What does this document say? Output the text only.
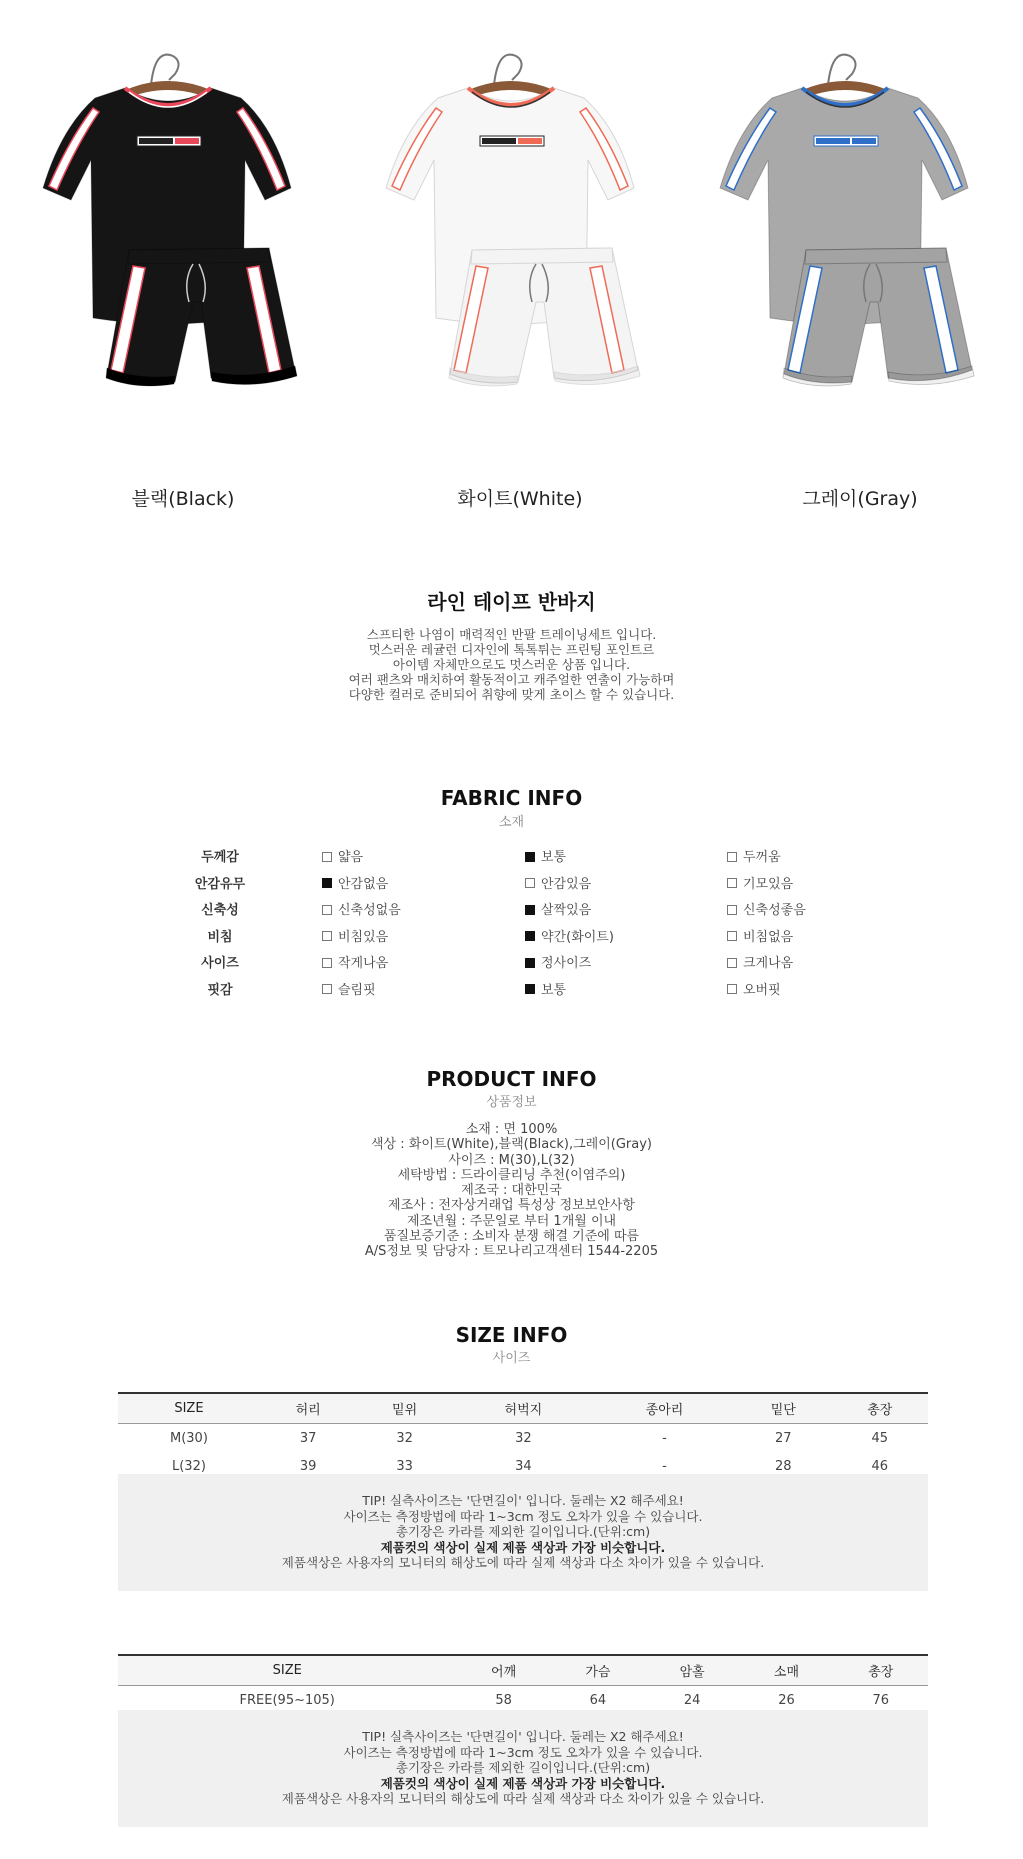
블랙(Black)	화이트(White)	그레이(Gray)
라인 테이프 반바지
스프티한 나염이 매력적인 반팔 트레이닝세트 입니다.
멋스러운 레귤런 디자인에 톡톡튀는 프린팅 포인트르
아이템 자체만으로도 멋스러운 상품 입니다.
여러 팬츠와 매치하여 활동적이고 캐주얼한 연출이 가능하며
다양한 컬러로 준비되어 취향에 맞게 초이스 할 수 있습니다.
FABRIC INFO
소재
두께감	얇음	보통	두꺼움
안감유무	안감없음	안감있음	기모있음
신축성	신축성없음	살짝있음	신축성좋음
비침	비침있음	약간(화이트)	비침없음
사이즈	작게나옴	정사이즈	크게나옴
핏감	슬림핏	보통	오버핏
PRODUCT INFO
상품정보
소재 : 면 100%
색상 : 화이트(White),블랙(Black),그레이(Gray)
사이즈 : M(30),L(32)
세탁방법 : 드라이클리닝 추천(이염주의)
제조국 : 대한민국
제조사 : 전자상거래업 특성상 정보보안사항
제조년월 : 주문일로 부터 1개월 이내
품질보증기준 : 소비자 분쟁 해결 기준에 따름
A/S정보 및 담당자 : 트모나리고객센터 1544-2205
SIZE INFO
사이즈
SIZE	허리	밑위	허벅지	종아리	밑단	총장
M(30)	37	32	32	-	27	45
L(32)	39	33	34	-	28	46
TIP! 실측사이즈는 '단면길이' 입니다. 둘레는 X2 해주세요!
사이즈는 측정방법에 따라 1~3cm 정도 오차가 있을 수 있습니다.
총기장은 카라를 제외한 길이입니다.(단위:cm)
제품컷의 색상이 실제 제품 색상과 가장 비슷합니다.
제품색상은 사용자의 모니터의 해상도에 따라 실제 색상과 다소 차이가 있을 수 있습니다.
SIZE	어깨	가슴	암홀	소매	총장
FREE(95~105)	58	64	24	26	76
TIP! 실측사이즈는 '단면길이' 입니다. 둘레는 X2 해주세요!
사이즈는 측정방법에 따라 1~3cm 정도 오차가 있을 수 있습니다.
총기장은 카라를 제외한 길이입니다.(단위:cm)
제품컷의 색상이 실제 제품 색상과 가장 비슷합니다.
제품색상은 사용자의 모니터의 해상도에 따라 실제 색상과 다소 차이가 있을 수 있습니다.
